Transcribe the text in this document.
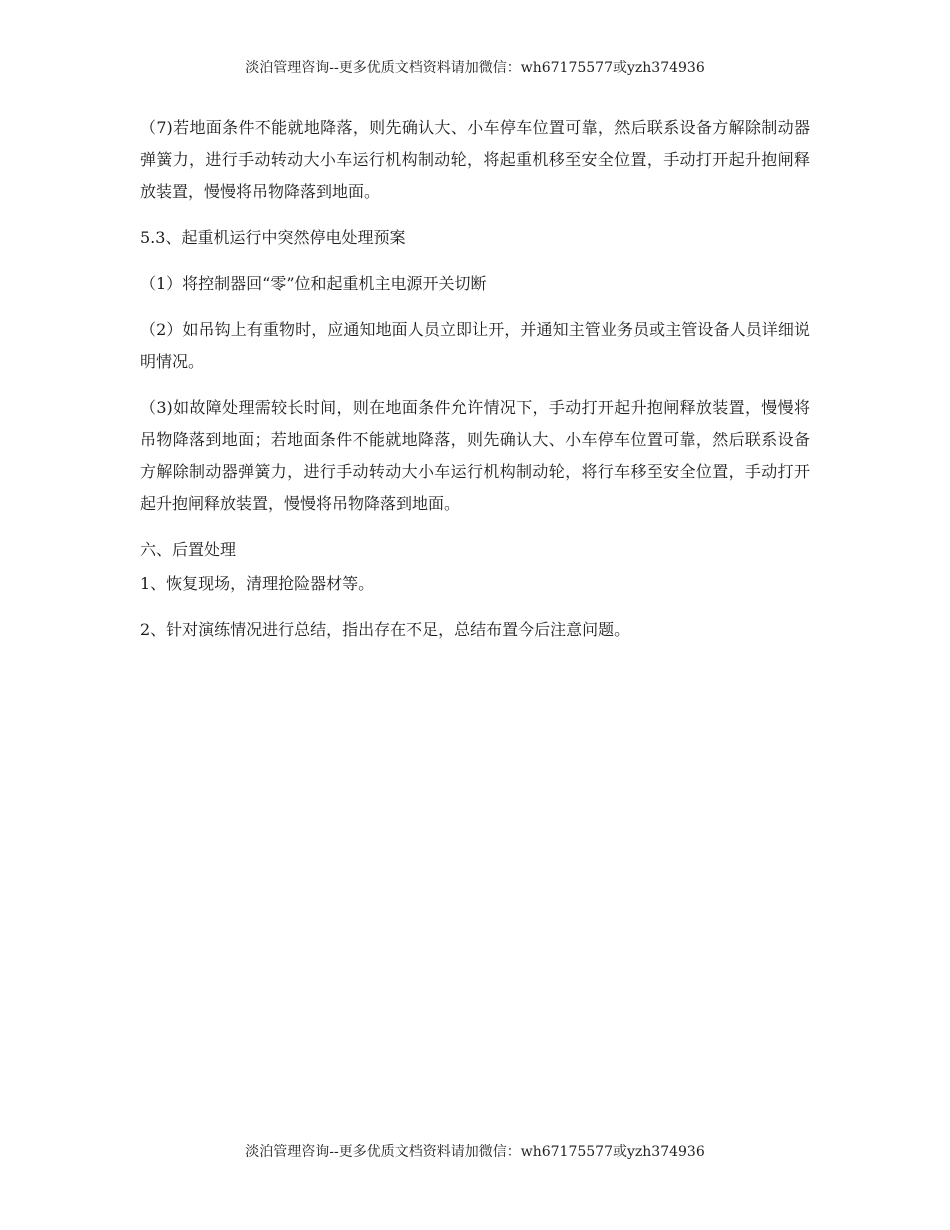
淡泊管理咨询--更多优质文档资料请加微信：wh67175577或yzh374936

（7)若地面条件不能就地降落，则先确认大、小车停车位置可靠，然后联系设备方解除制动器弹簧力，进行手动转动大小车运行机构制动轮，将起重机移至安全位置，手动打开起升抱闸释放装置，慢慢将吊物降落到地面。

5.3、起重机运行中突然停电处理预案

（1）将控制器回“零”位和起重机主电源开关切断

（2）如吊钩上有重物时，应通知地面人员立即让开，并通知主管业务员或主管设备人员详细说明情况。

（3)如故障处理需较长时间，则在地面条件允许情况下，手动打开起升抱闸释放装置，慢慢将吊物降落到地面；若地面条件不能就地降落，则先确认大、小车停车位置可靠，然后联系设备方解除制动器弹簧力，进行手动转动大小车运行机构制动轮，将行车移至安全位置，手动打开起升抱闸释放装置，慢慢将吊物降落到地面。

六、后置处理

1、恢复现场，清理抢险器材等。

2、针对演练情况进行总结，指出存在不足，总结布置今后注意问题。

淡泊管理咨询--更多优质文档资料请加微信：wh67175577或yzh374936
